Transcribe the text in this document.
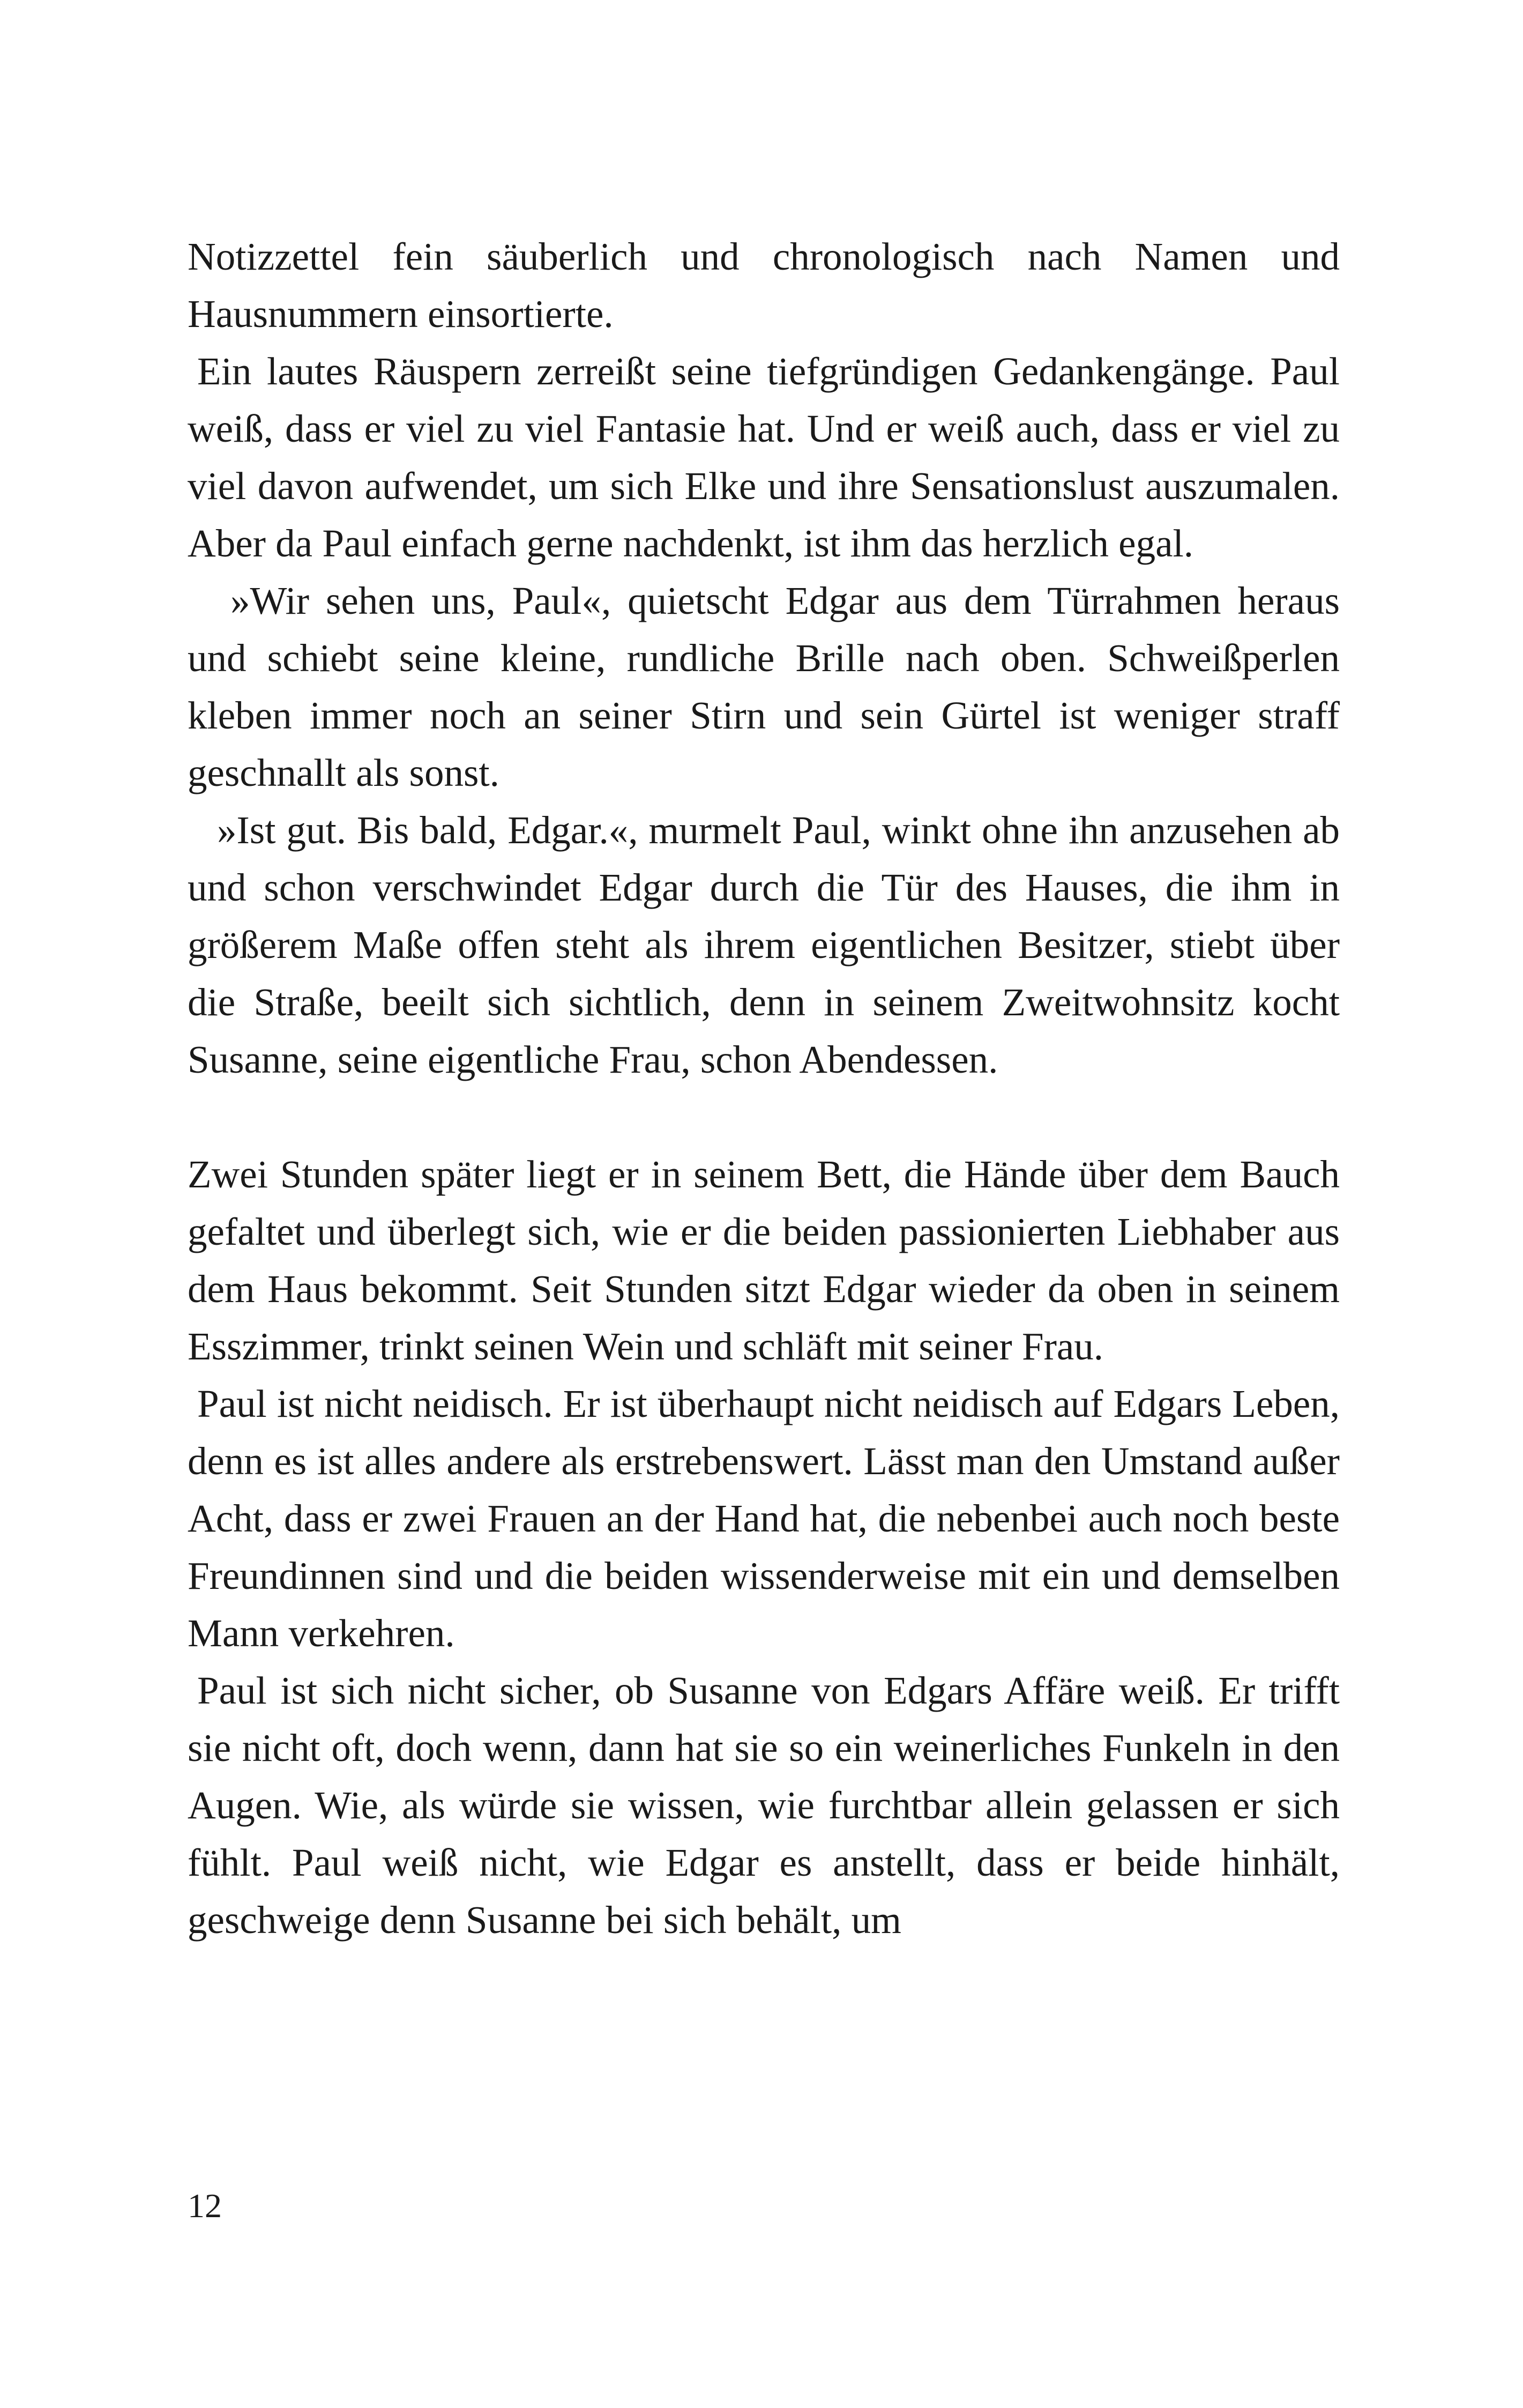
Notizzettel fein säuberlich und chronologisch nach Namen und Hausnummern einsortierte.

Ein lautes Räuspern zerreißt seine tiefgründigen Gedankengänge. Paul weiß, dass er viel zu viel Fantasie hat. Und er weiß auch, dass er viel zu viel davon aufwendet, um sich Elke und ihre Sensationslust auszumalen. Aber da Paul einfach gerne nachdenkt, ist ihm das herzlich egal.

»Wir sehen uns, Paul«, quietscht Edgar aus dem Türrahmen heraus und schiebt seine kleine, rundliche Brille nach oben. Schweißperlen kleben immer noch an seiner Stirn und sein Gürtel ist weniger straff geschnallt als sonst.

»Ist gut. Bis bald, Edgar.«, murmelt Paul, winkt ohne ihn anzusehen ab und schon verschwindet Edgar durch die Tür des Hauses, die ihm in größerem Maße offen steht als ihrem eigentlichen Besitzer, stiebt über die Straße, beeilt sich sichtlich, denn in seinem Zweitwohnsitz kocht Susanne, seine eigentliche Frau, schon Abendessen.

Zwei Stunden später liegt er in seinem Bett, die Hände über dem Bauch gefaltet und überlegt sich, wie er die beiden passionierten Liebhaber aus dem Haus bekommt. Seit Stunden sitzt Edgar wieder da oben in seinem Esszimmer, trinkt seinen Wein und schläft mit seiner Frau.

Paul ist nicht neidisch. Er ist überhaupt nicht neidisch auf Edgars Leben, denn es ist alles andere als erstrebenswert. Lässt man den Umstand außer Acht, dass er zwei Frauen an der Hand hat, die nebenbei auch noch beste Freundinnen sind und die beiden wissenderweise mit ein und demselben Mann verkehren.

Paul ist sich nicht sicher, ob Susanne von Edgars Affäre weiß. Er trifft sie nicht oft, doch wenn, dann hat sie so ein weinerliches Funkeln in den Augen. Wie, als würde sie wissen, wie furchtbar allein gelassen er sich fühlt. Paul weiß nicht, wie Edgar es anstellt, dass er beide hinhält, geschweige denn Susanne bei sich behält, um

12
